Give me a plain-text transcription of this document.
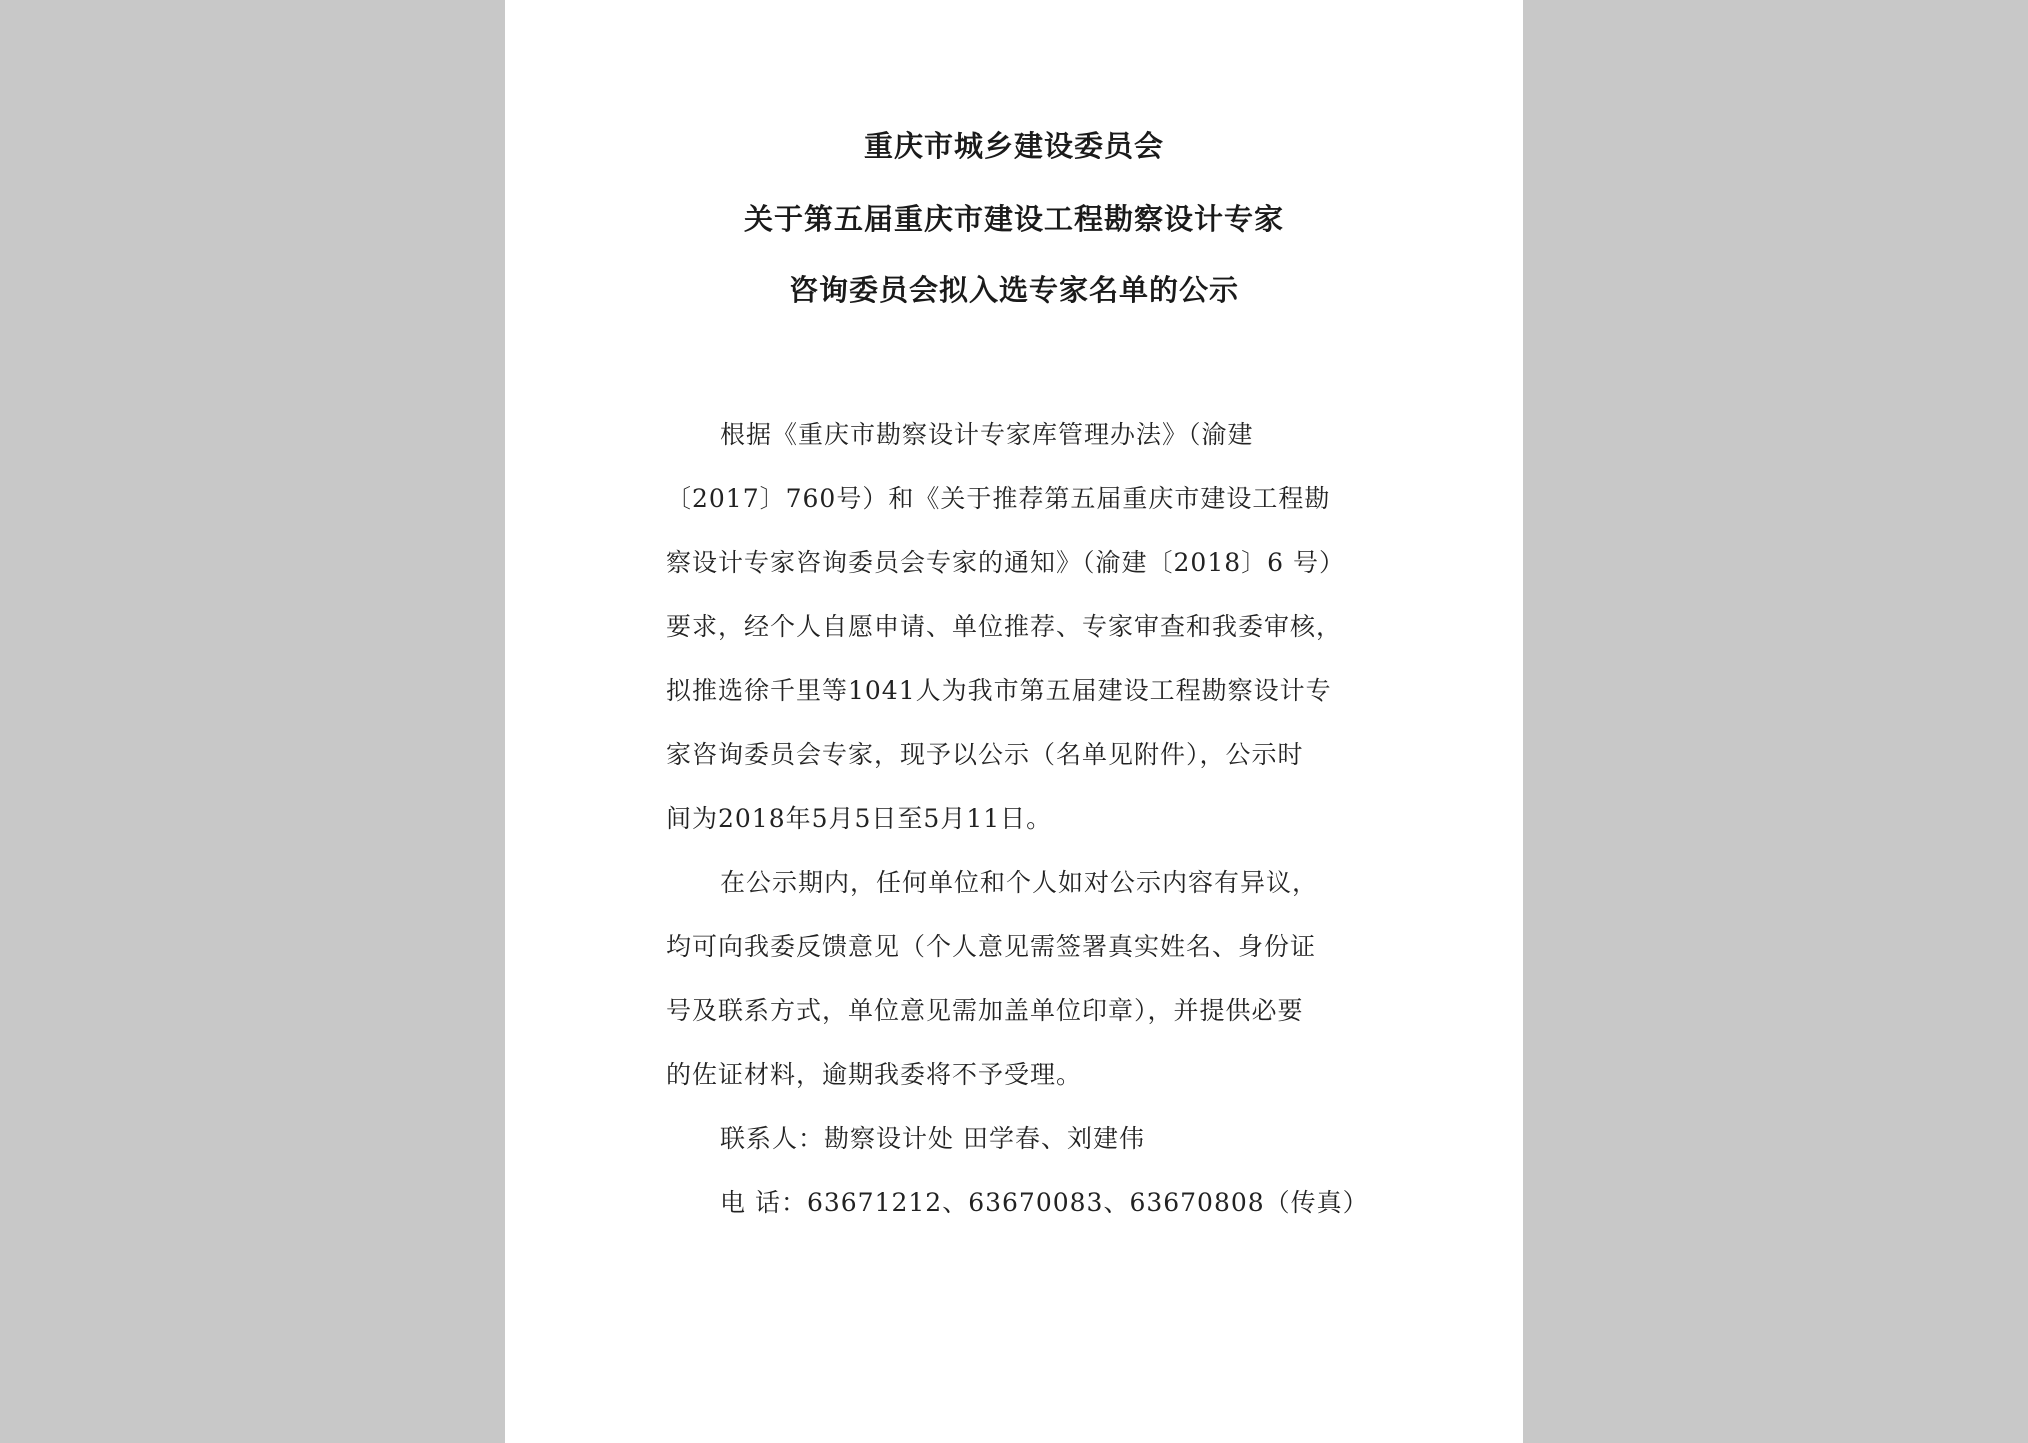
重庆市城乡建设委员会
关于第五届重庆市建设工程勘察设计专家
咨询委员会拟入选专家名单的公示
根据《重庆市勘察设计专家库管理办法》（渝建
〔2017〕760号）和《关于推荐第五届重庆市建设工程勘
察设计专家咨询委员会专家的通知》（渝建〔2018〕6 号）
要求，经个人自愿申请、单位推荐、专家审查和我委审核，
拟推选徐千里等1041人为我市第五届建设工程勘察设计专
家咨询委员会专家，现予以公示（名单见附件），公示时
间为2018年5月5日至5月11日。
在公示期内，任何单位和个人如对公示内容有异议，
均可向我委反馈意见（个人意见需签署真实姓名、身份证
号及联系方式，单位意见需加盖单位印章），并提供必要
的佐证材料，逾期我委将不予受理。
联系人：勘察设计处 田学春、刘建伟
电 话：63671212、63670083、63670808（传真）
